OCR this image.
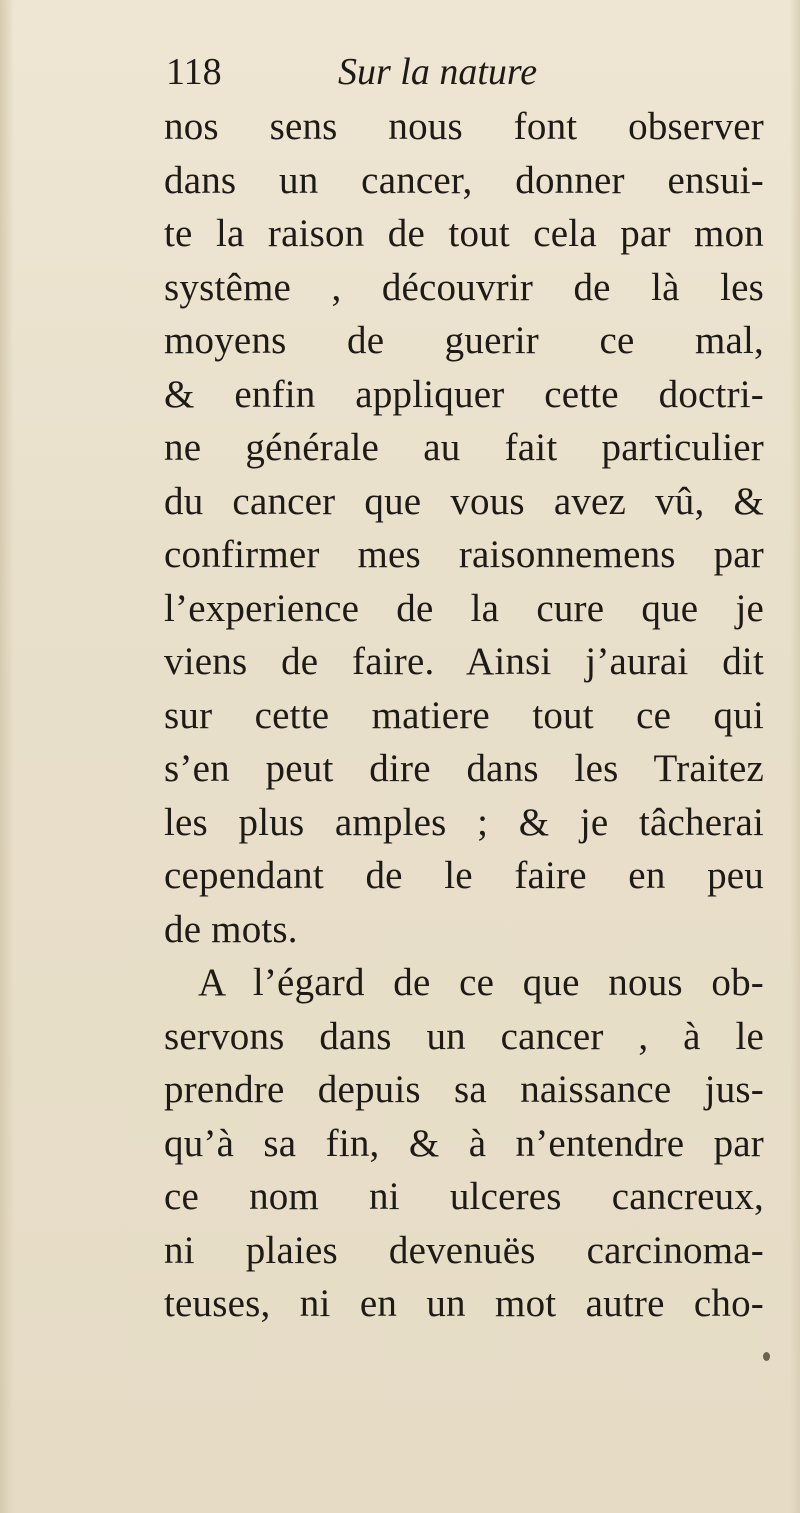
118	Sur la nature
nos sens nous font observer
dans un cancer, donner ensui-
te la raison de tout cela par mon
systême , découvrir de là les
moyens de guerir ce mal,
& enfin appliquer cette doctri-
ne générale au fait particulier
du cancer que vous avez vû, &
confirmer mes raisonnemens par
l’experience de la cure que je
viens de faire. Ainsi j’aurai dit
sur cette matiere tout ce qui
s’en peut dire dans les Traitez
les plus amples ; & je tâcherai
cependant de le faire en peu
de mots.
A l’égard de ce que nous ob-
servons dans un cancer , à le
prendre depuis sa naissance jus-
qu’à sa fin, & à n’entendre par
ce nom ni ulceres cancreux,
ni plaies devenuës carcinoma-
teuses, ni en un mot autre cho-
